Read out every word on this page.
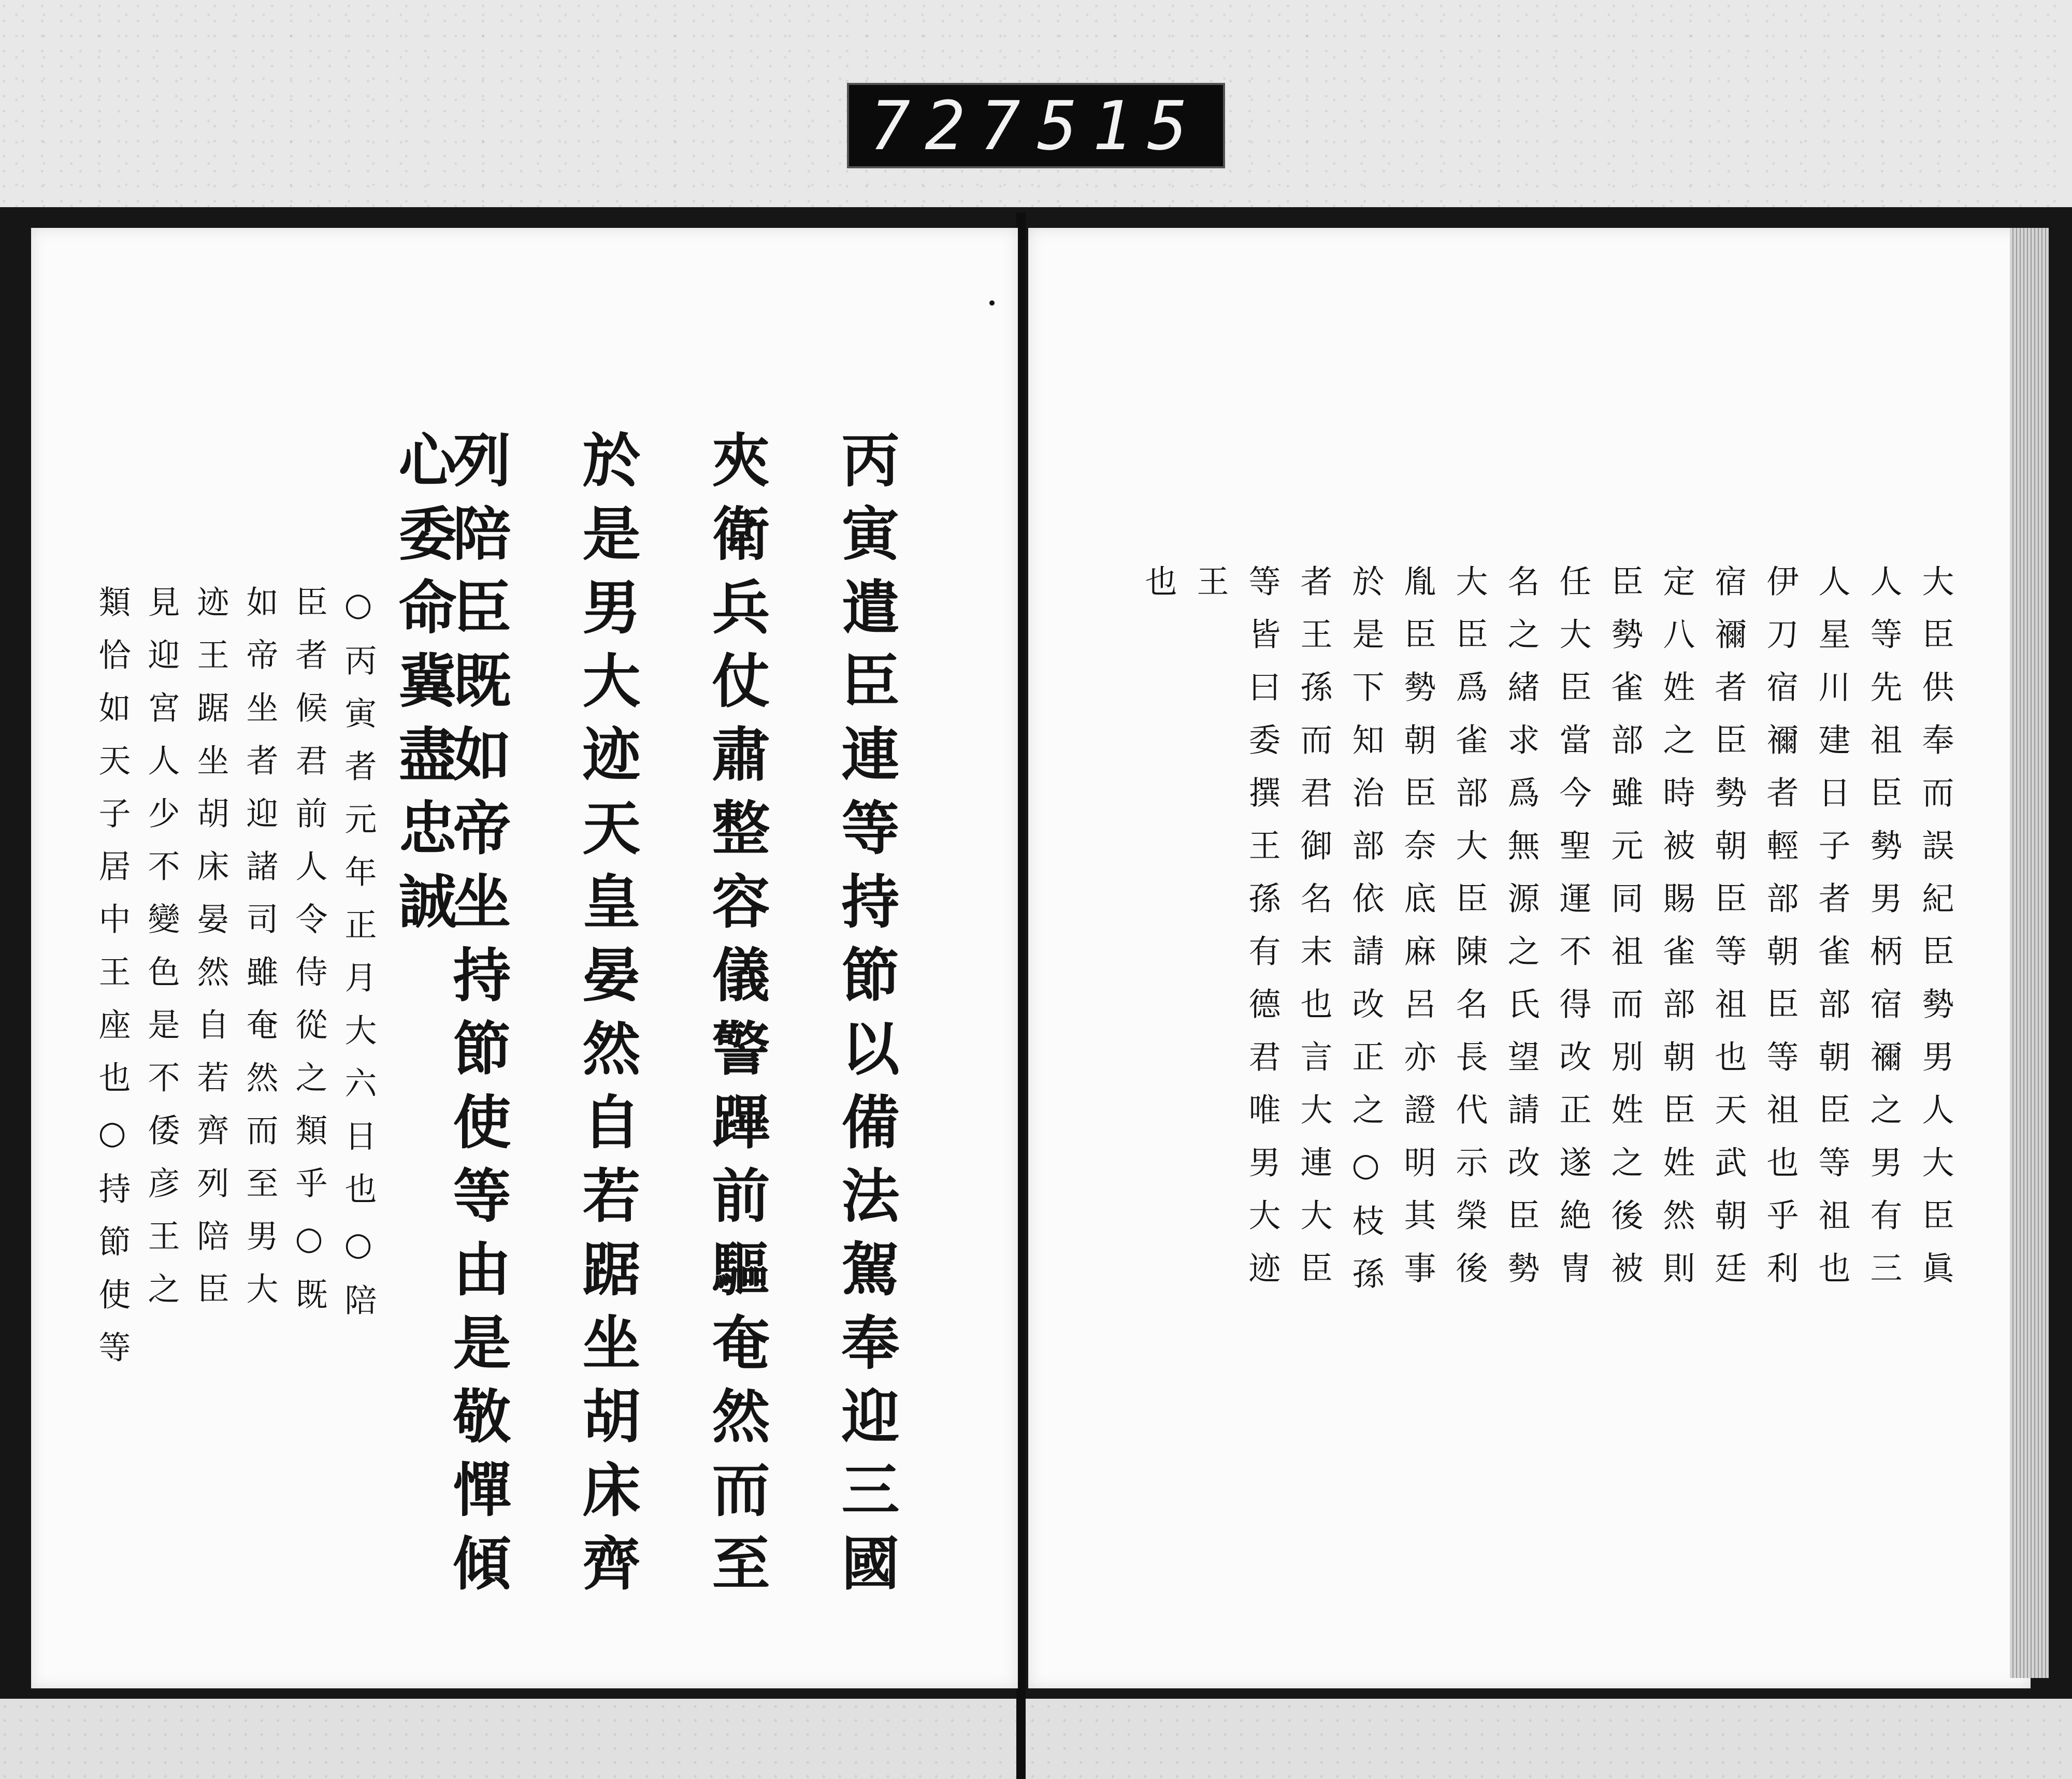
727 515
丙寅遣臣連等持節以備法駕奉迎三國
夾衛兵仗肅整容儀警蹕前驅奄然而至
於是男大迹天皇晏然自若踞坐胡床齊
列陪臣既如帝坐持節使等由是敬憚傾
心委命冀盡忠誠
○丙寅者元年正月大六日也○陪
臣者候君前人令侍從之類乎○既
如帝坐者迎諸司雖奄然而至男大
迹王踞坐胡床晏然自若齊列陪臣
見迎宮人少不變色是不倭彦王之
類恰如天子居中王座也○持節使等	大臣供奉而誤紀臣勢男人大臣眞
人等先祖臣勢男柄宿禰之男有三
人星川建日子者雀部朝臣等祖也
伊刀宿禰者輕部朝臣等祖也乎利
宿禰者臣勢朝臣等祖也天武朝廷
定八姓之時被賜雀部朝臣姓然則
臣勢雀部雖元同祖而別姓之後被
任大臣當今聖運不得改正遂絶冑
名之緒求爲無源之氏望請改臣勢
大臣爲雀部大臣陳名長代示榮後
胤臣勢朝臣奈底麻呂亦證明其事
於是下知治部依請改正之○枝孫
者王孫而君御名末也言大連大臣
等皆曰委撰王孫有德君唯男大迹
王
也
